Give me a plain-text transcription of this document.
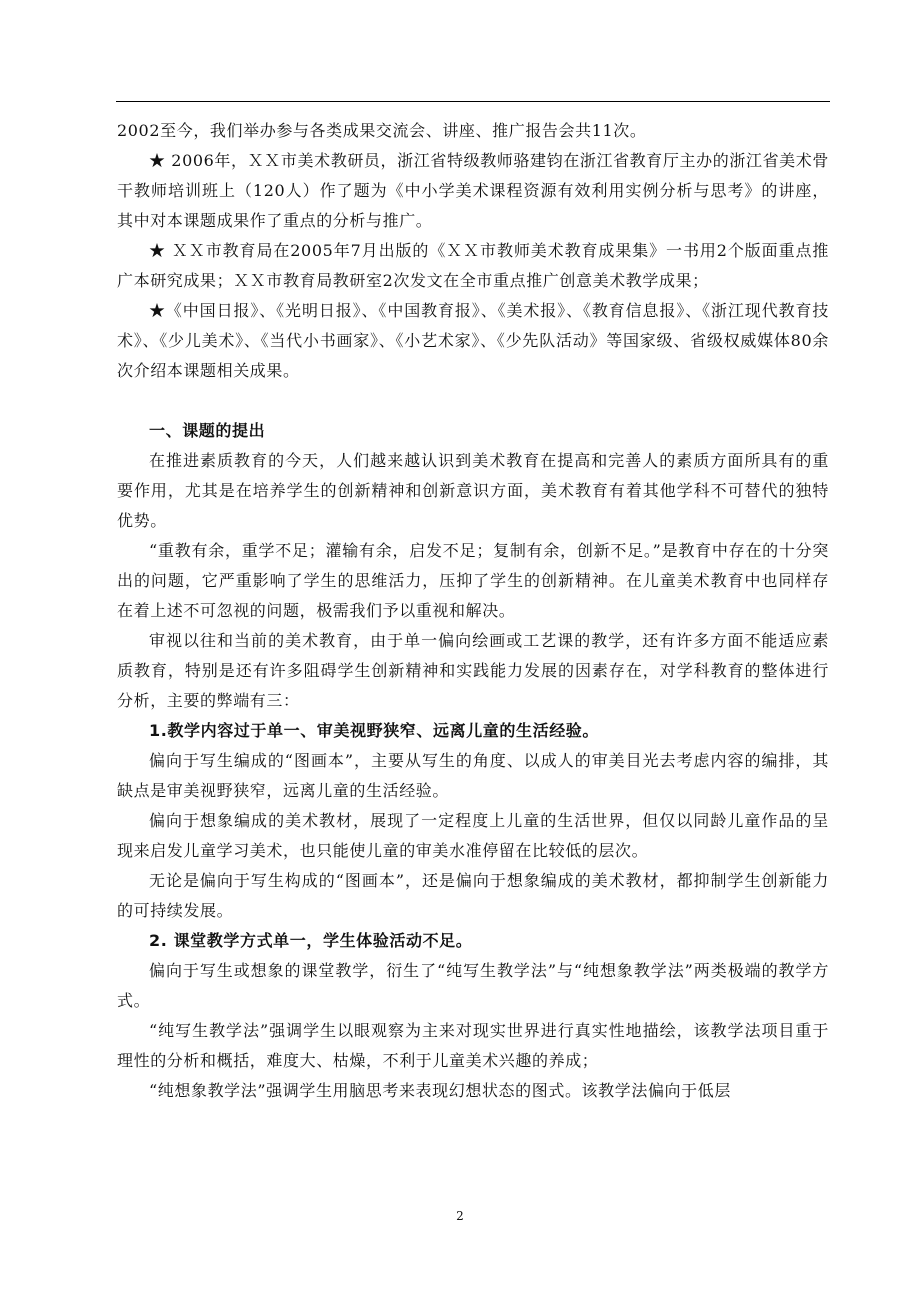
2002至今，我们举办参与各类成果交流会、讲座、推广报告会共11次。

★ 2006年，ＸＸ市美术教研员，浙江省特级教师骆建钧在浙江省教育厅主办的浙江省美术骨干教师培训班上（120人）作了题为《中小学美术课程资源有效利用实例分析与思考》的讲座，其中对本课题成果作了重点的分析与推广。

★ ＸＸ市教育局在2005年7月出版的《ＸＸ市教师美术教育成果集》一书用2个版面重点推广本研究成果；ＸＸ市教育局教研室2次发文在全市重点推广创意美术教学成果；

★《中国日报》、《光明日报》、《中国教育报》、《美术报》、《教育信息报》、《浙江现代教育技术》、《少儿美术》、《当代小书画家》、《小艺术家》、《少先队活动》等国家级、省级权威媒体80余次介绍本课题相关成果。

一、课题的提出

在推进素质教育的今天，人们越来越认识到美术教育在提高和完善人的素质方面所具有的重要作用，尤其是在培养学生的创新精神和创新意识方面，美术教育有着其他学科不可替代的独特优势。

“重教有余，重学不足；灌输有余，启发不足；复制有余，创新不足。”是教育中存在的十分突出的问题，它严重影响了学生的思维活力，压抑了学生的创新精神。在儿童美术教育中也同样存在着上述不可忽视的问题，极需我们予以重视和解决。

审视以往和当前的美术教育，由于单一偏向绘画或工艺课的教学，还有许多方面不能适应素质教育，特别是还有许多阻碍学生创新精神和实践能力发展的因素存在，对学科教育的整体进行分析，主要的弊端有三：

1.教学内容过于单一、审美视野狭窄、远离儿童的生活经验。

偏向于写生编成的“图画本”，主要从写生的角度、以成人的审美目光去考虑内容的编排，其缺点是审美视野狭窄，远离儿童的生活经验。

偏向于想象编成的美术教材，展现了一定程度上儿童的生活世界，但仅以同龄儿童作品的呈现来启发儿童学习美术，也只能使儿童的审美水准停留在比较低的层次。

无论是偏向于写生构成的“图画本”，还是偏向于想象编成的美术教材，都抑制学生创新能力的可持续发展。

2. 课堂教学方式单一，学生体验活动不足。

偏向于写生或想象的课堂教学，衍生了“纯写生教学法”与“纯想象教学法”两类极端的教学方式。

“纯写生教学法”强调学生以眼观察为主来对现实世界进行真实性地描绘，该教学法项目重于理性的分析和概括，难度大、枯燥，不利于儿童美术兴趣的养成；

“纯想象教学法”强调学生用脑思考来表现幻想状态的图式。该教学法偏向于低层

2
